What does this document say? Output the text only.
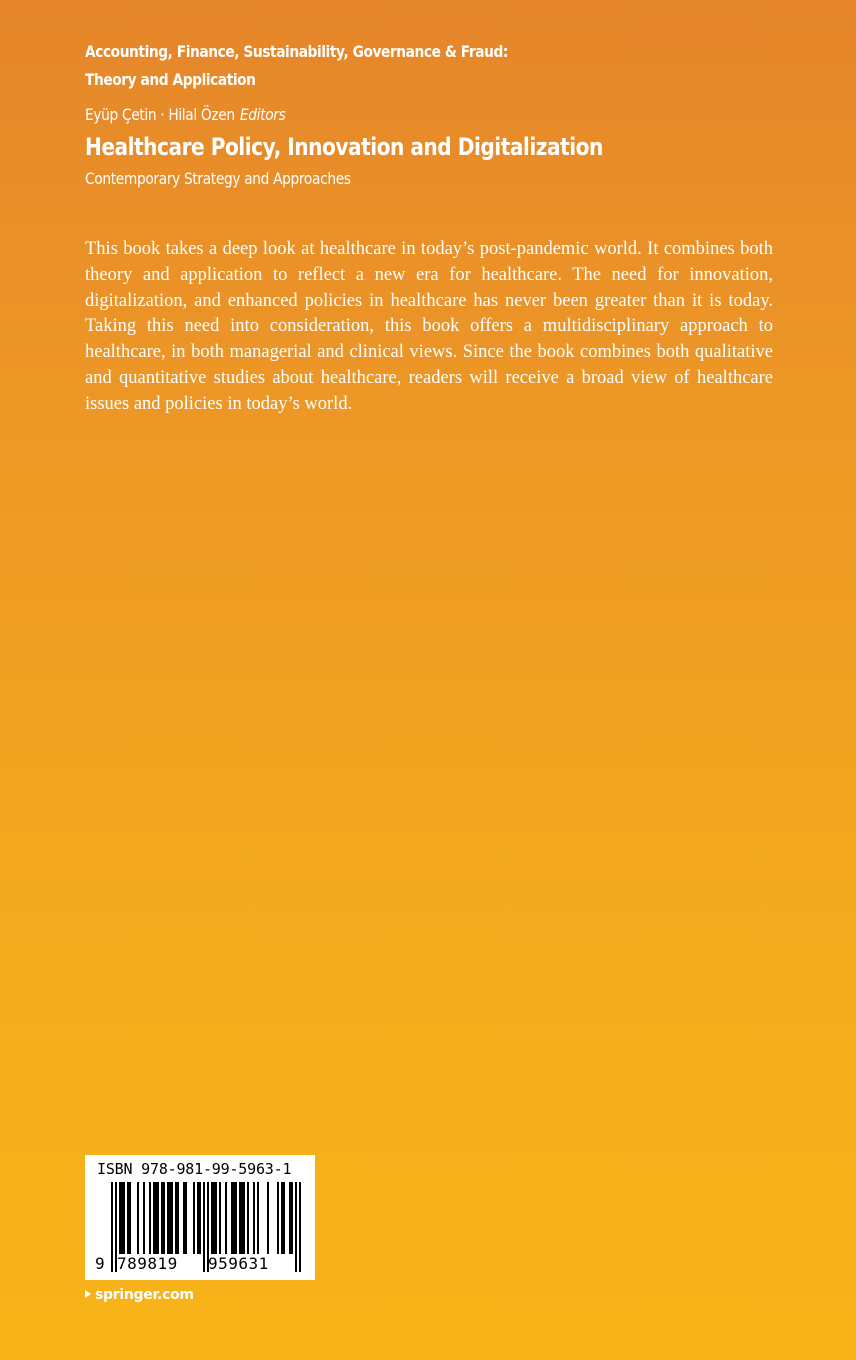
Accounting, Finance, Sustainability, Governance & Fraud:
Theory and Application
Eyüp Çetin · Hilal Özen Editors
Healthcare Policy, Innovation and Digitalization
Contemporary Strategy and Approaches

This book takes a deep look at healthcare in today’s post-pandemic world. It combines both theory and application to reflect a new era for healthcare. The need for innovation, digitalization, and enhanced policies in healthcare has never been greater than it is today. Taking this need into consideration, this book offers a multidisciplinary approach to healthcare, in both managerial and clinical views. Since the book combines both qualitative and quantitative studies about healthcare, readers will receive a broad view of healthcare issues and policies in today’s world.

ISBN 978-981-99-5963-1
9 789819 959631
springer.com
